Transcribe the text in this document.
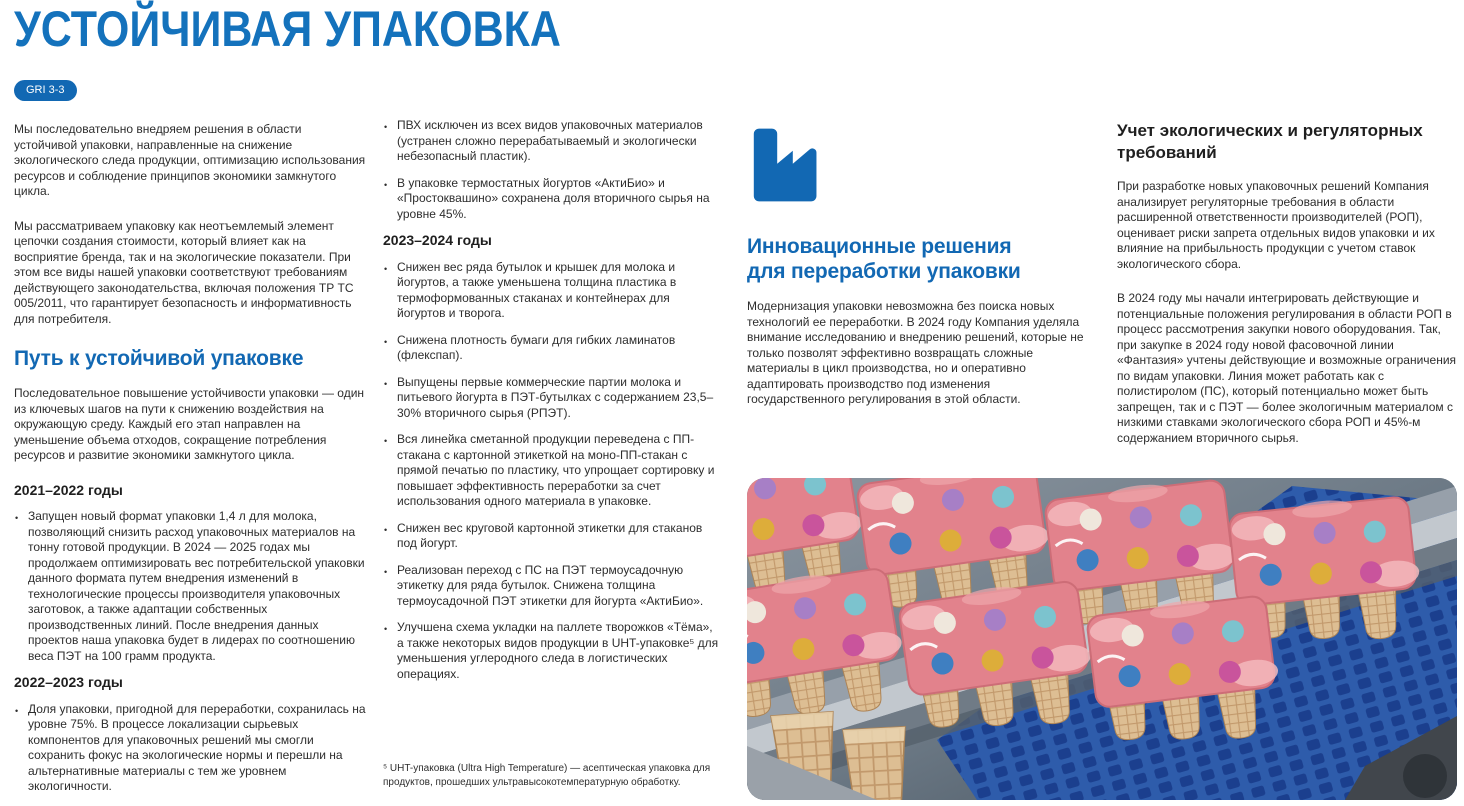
УСТОЙЧИВАЯ УПАКОВКА
GRI 3-3

Мы последовательно внедряем решения в области устойчивой упаковки, направленные на снижение экологического следа продукции, оптимизацию использования ресурсов и соблюдение принципов экономики замкнутого цикла.

Мы рассматриваем упаковку как неотъемлемый элемент цепочки создания стоимости, который влияет как на восприятие бренда, так и на экологические показатели. При этом все виды нашей упаковки соответствуют требованиям действующего законодательства, включая положения ТР ТС 005/2011, что гарантирует безопасность и информативность для потребителя.

Путь к устойчивой упаковке

Последовательное повышение устойчивости упаковки — один из ключевых шагов на пути к снижению воздействия на окружающую среду. Каждый его этап направлен на уменьшение объема отходов, сокращение потребления ресурсов и развитие экономики замкнутого цикла.

2021–2022 годы
• Запущен новый формат упаковки 1,4 л для молока, позволяющий снизить расход упаковочных материалов на тонну готовой продукции. В 2024 — 2025 годах мы продолжаем оптимизировать вес потребительской упаковки данного формата путем внедрения изменений в технологические процессы производителя упаковочных заготовок, а также адаптации собственных производственных линий. После внедрения данных проектов наша упаковка будет в лидерах по соотношению веса ПЭТ на 100 грамм продукта.
2022–2023 годы
• Доля упаковки, пригодной для переработки, сохранилась на уровне 75%. В процессе локализации сырьевых компонентов для упаковочных решений мы смогли сохранить фокус на экологические нормы и перешли на альтернативные материалы с тем же уровнем экологичности.
• ПВХ исключен из всех видов упаковочных материалов (устранен сложно перерабатываемый и экологически небезопасный пластик).
• В упаковке термостатных йогуртов «АктиБио» и «Простоквашино» сохранена доля вторичного сырья на уровне 45%.
2023–2024 годы
• Снижен вес ряда бутылок и крышек для молока и йогуртов, а также уменьшена толщина пластика в термоформованных стаканах и контейнерах для йогуртов и творога.
• Снижена плотность бумаги для гибких ламинатов (флекспап).
• Выпущены первые коммерческие партии молока и питьевого йогурта в ПЭТ-бутылках с содержанием 23,5–30% вторичного сырья (РПЭТ).
• Вся линейка сметанной продукции переведена с ПП-стакана с картонной этикеткой на моно-ПП-стакан с прямой печатью по пластику, что упрощает сортировку и повышает эффективность переработки за счет использования одного материала в упаковке.
• Снижен вес круговой картонной этикетки для стаканов под йогурт.
• Реализован переход с ПС на ПЭТ термоусадочную этикетку для ряда бутылок. Снижена толщина термоусадочной ПЭТ этикетки для йогурта «АктиБио».
• Улучшена схема укладки на паллете творожков «Тёма», а также некоторых видов продукции в UHT-упаковке⁵ для уменьшения углеродного следа в логистических операциях.
⁵ UHT-упаковка (Ultra High Temperature) — асептическая упаковка для продуктов, прошедших ультравысокотемпературную обработку.
Инновационные решения для переработки упаковки

Модернизация упаковки невозможна без поиска новых технологий ее переработки. В 2024 году Компания уделяла внимание исследованию и внедрению решений, которые не только позволят эффективно возвращать сложные материалы в цикл производства, но и оперативно адаптировать производство под изменения государственного регулирования в этой области.

Учет экологических и регуляторных требований

При разработке новых упаковочных решений Компания анализирует регуляторные требования в области расширенной ответственности производителей (РОП), оценивает риски запрета отдельных видов упаковки и их влияние на прибыльность продукции с учетом ставок экологического сбора.

В 2024 году мы начали интегрировать действующие и потенциальные положения регулирования в области РОП в процесс рассмотрения закупки нового оборудования. Так, при закупке в 2024 году новой фасовочной линии «Фантазия» учтены действующие и возможные ограничения по видам упаковки. Линия может работать как с полистиролом (ПС), который потенциально может быть запрещен, так и с ПЭТ — более экологичным материалом с низкими ставками экологического сбора РОП и 45%-м содержанием вторичного сырья.
